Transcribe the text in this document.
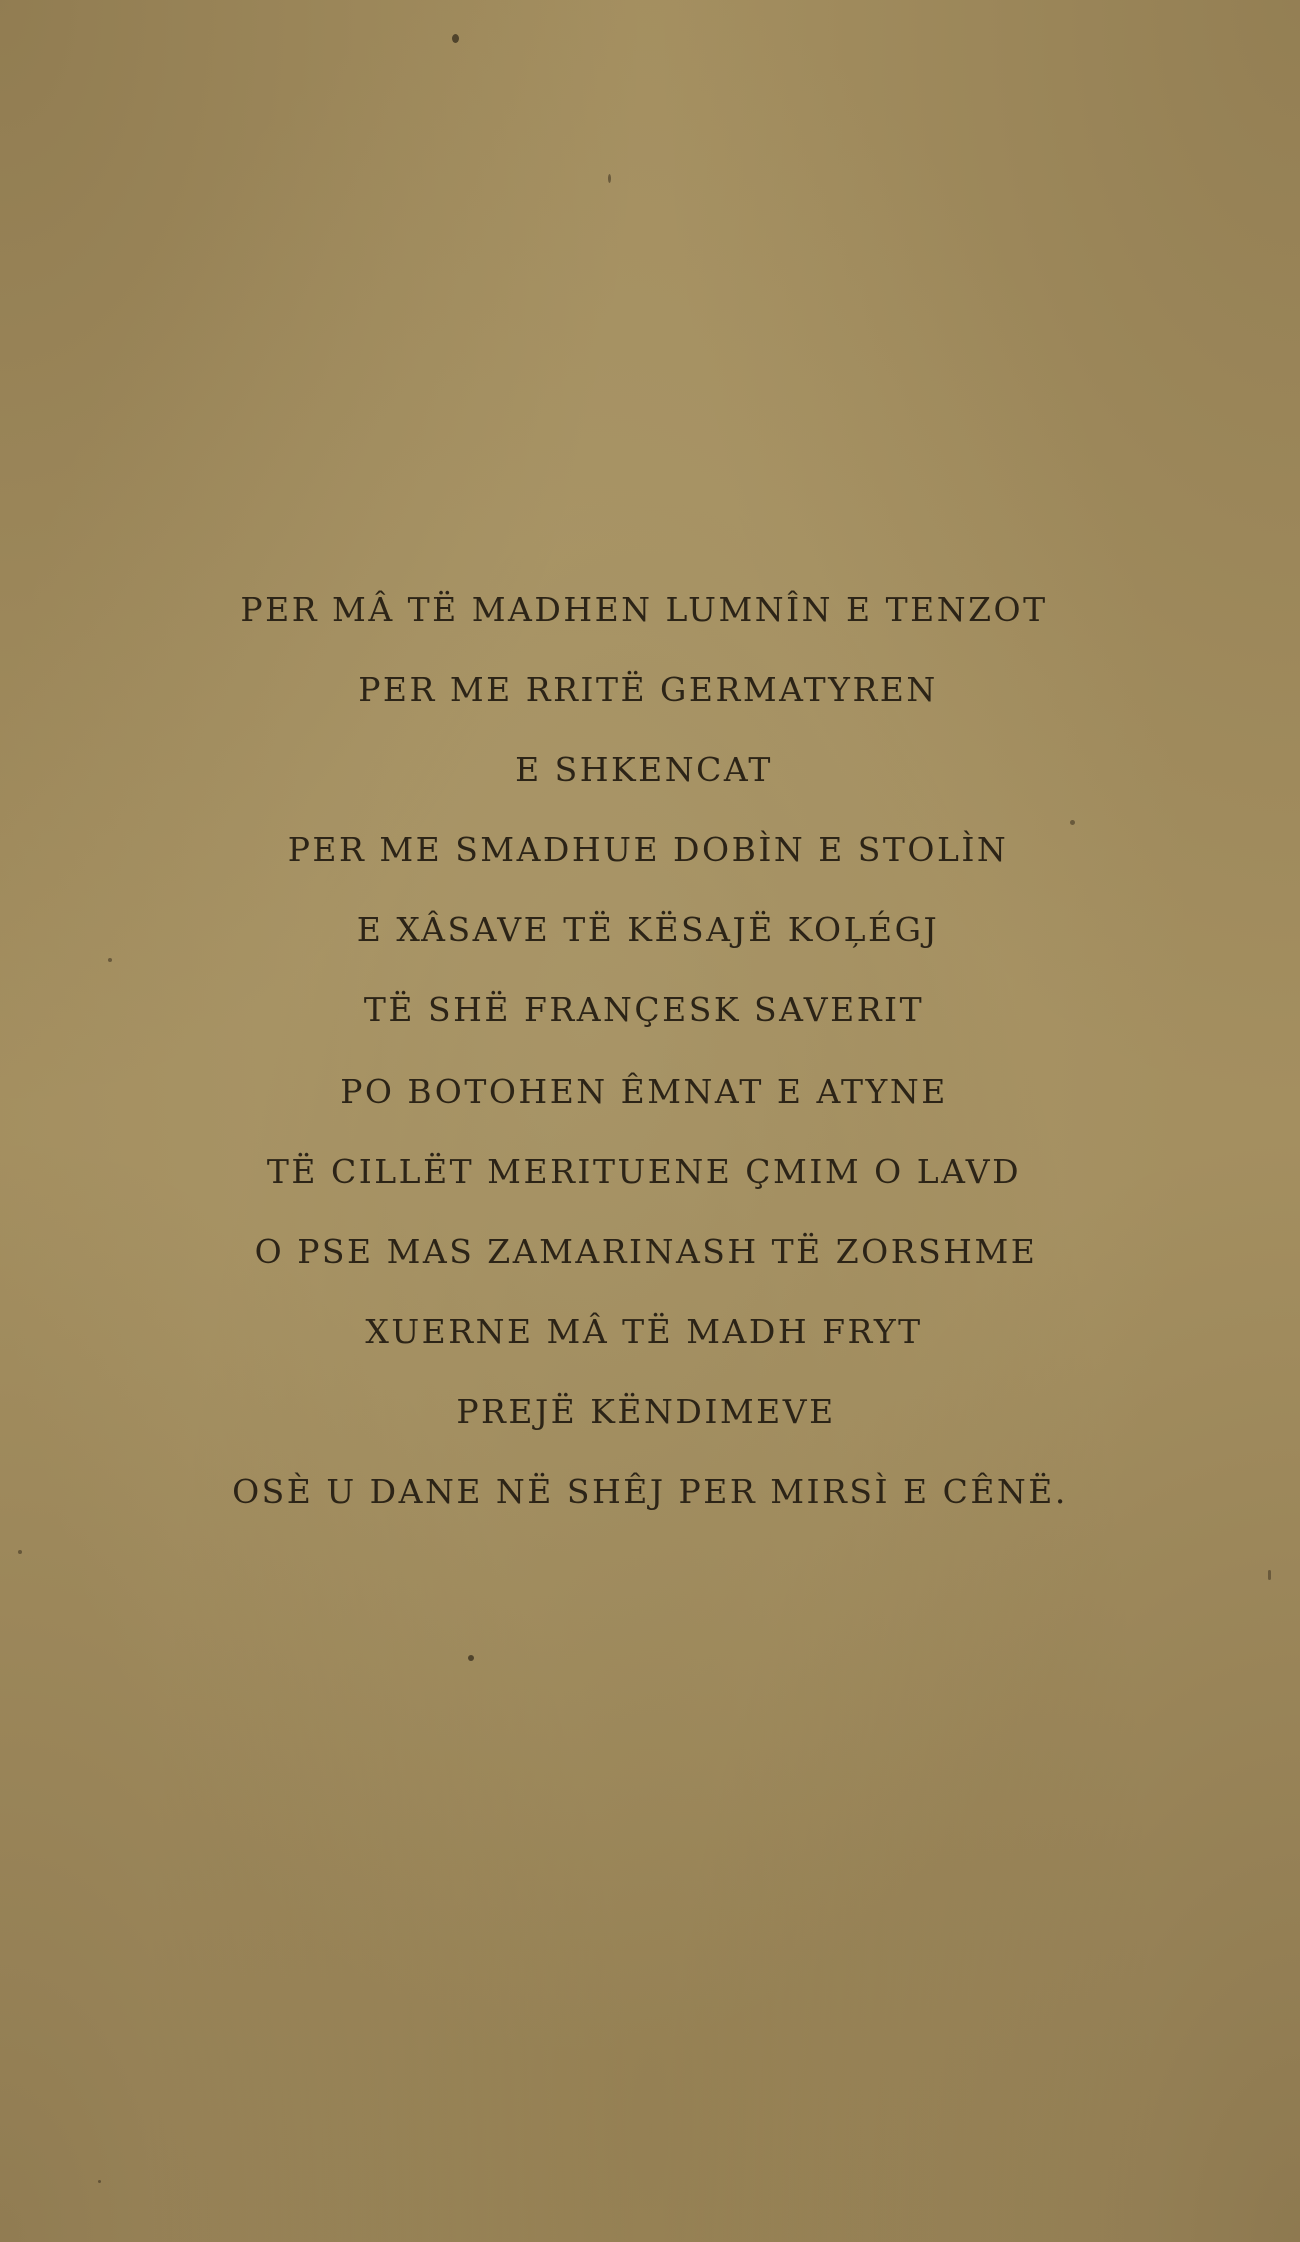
PER MÂ TË MADHEN LUMNÎN E TENZOT
PER ME RRITË GERMATYREN
E SHKENCAT
PER ME SMADHUE DOBÌN E STOLÌN
E XÂSAVE TË KËSAJË KOĻÉGJ
TË SHË FRANÇESK SAVERIT
PO BOTOHEN ÊMNAT E ATYNE
TË CILLËT MERITUENE ÇMIM O LAVD
O PSE MAS ZAMARINASH TË ZORSHME
XUERNE MÂ TË MADH FRYT
PREJË KËNDIMEVE
OSÈ U DANE NË SHÊJ PER MIRSÌ E CÊNË.
